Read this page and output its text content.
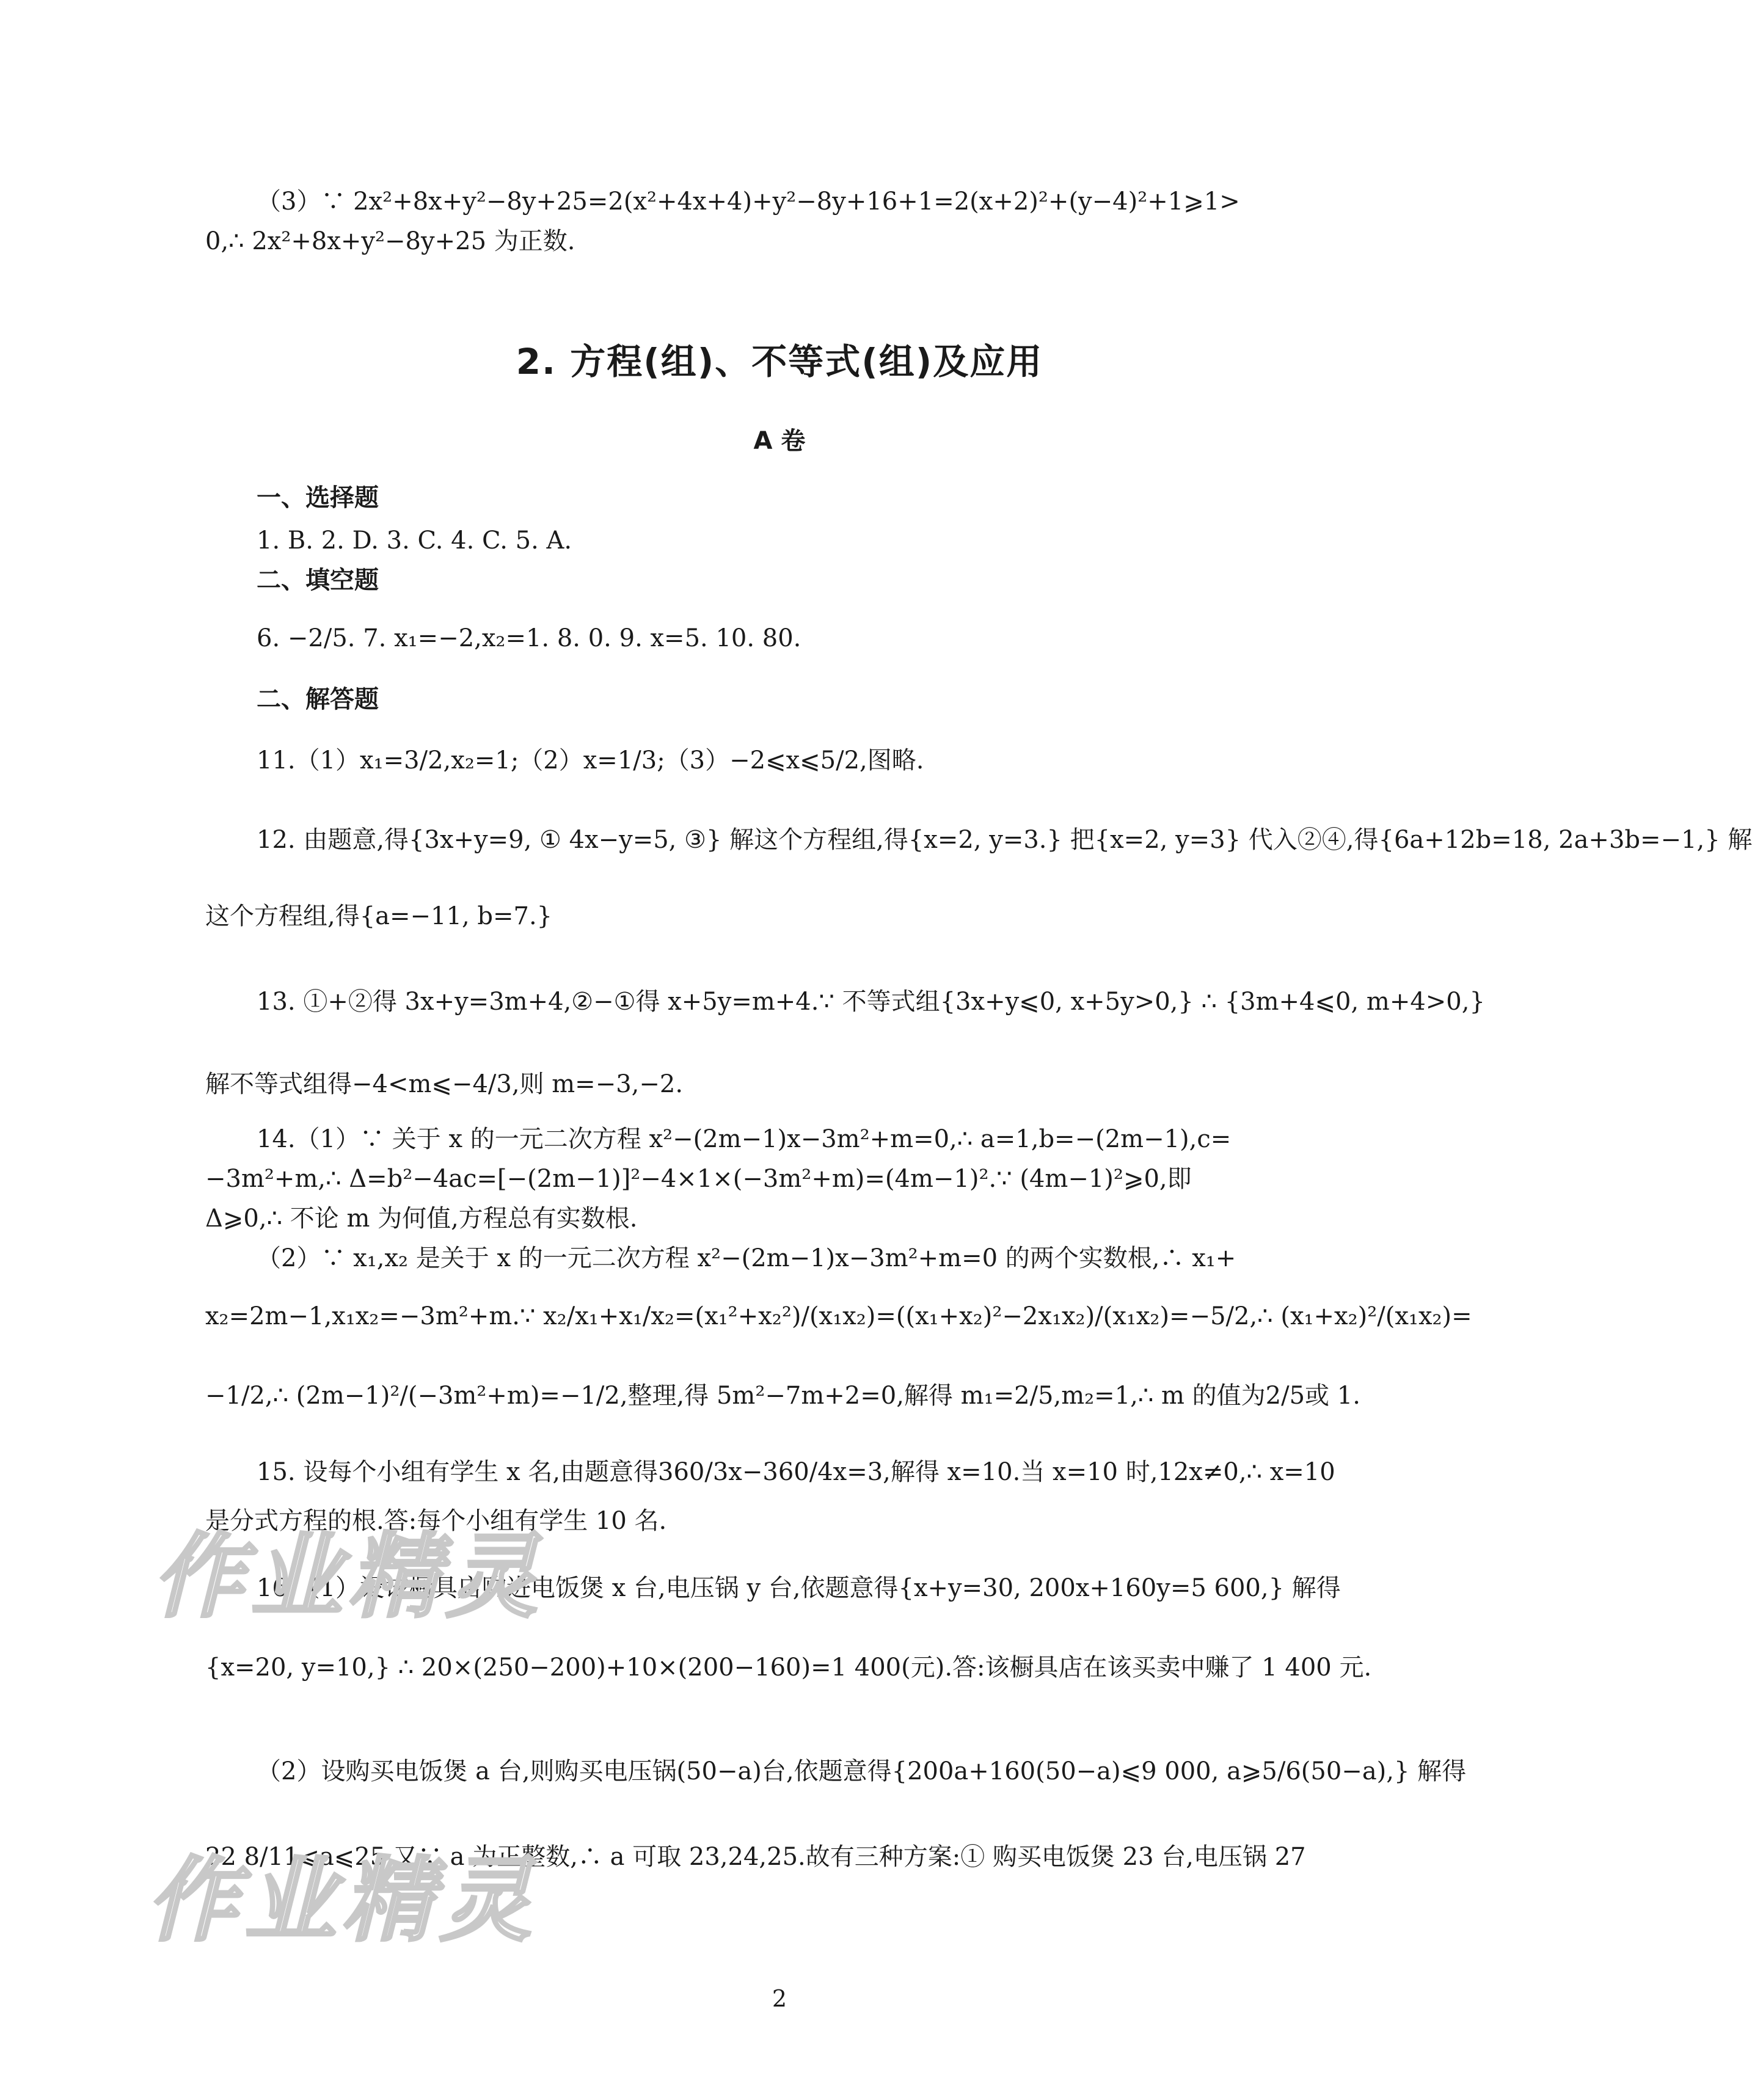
（3）∵ 2x²+8x+y²−8y+25=2(x²+4x+4)+y²−8y+16+1=2(x+2)²+(y−4)²+1⩾1>
0,∴ 2x²+8x+y²−8y+25 为正数.
2. 方程(组)、不等式(组)及应用
A 卷
一、选择题
1. B. 2. D. 3. C. 4. C. 5. A.
二、填空题
6. −2/5. 7. x₁=−2,x₂=1. 8. 0. 9. x=5. 10. 80.
二、解答题
11.（1）x₁=3/2,x₂=1;（2）x=1/3;（3）−2⩽x⩽5/2,图略.
12. 由题意,得{3x+y=9, ① 4x−y=5, ③} 解这个方程组,得{x=2, y=3.} 把{x=2, y=3} 代入②④,得{6a+12b=18, 2a+3b=−1,} 解
这个方程组,得{a=−11, b=7.}
13. ①+②得 3x+y=3m+4,②−①得 x+5y=m+4.∵ 不等式组{3x+y⩽0, x+5y>0,} ∴ {3m+4⩽0, m+4>0,}
解不等式组得−4<m⩽−4/3,则 m=−3,−2.
14.（1）∵ 关于 x 的一元二次方程 x²−(2m−1)x−3m²+m=0,∴ a=1,b=−(2m−1),c=
−3m²+m,∴ Δ=b²−4ac=[−(2m−1)]²−4×1×(−3m²+m)=(4m−1)².∵ (4m−1)²⩾0,即
Δ⩾0,∴ 不论 m 为何值,方程总有实数根.
（2）∵ x₁,x₂ 是关于 x 的一元二次方程 x²−(2m−1)x−3m²+m=0 的两个实数根,∴ x₁+
x₂=2m−1,x₁x₂=−3m²+m.∵ x₂/x₁+x₁/x₂=(x₁²+x₂²)/(x₁x₂)=((x₁+x₂)²−2x₁x₂)/(x₁x₂)=−5/2,∴ (x₁+x₂)²/(x₁x₂)=
−1/2,∴ (2m−1)²/(−3m²+m)=−1/2,整理,得 5m²−7m+2=0,解得 m₁=2/5,m₂=1,∴ m 的值为2/5或 1.
15. 设每个小组有学生 x 名,由题意得360/3x−360/4x=3,解得 x=10.当 x=10 时,12x≠0,∴ x=10
是分式方程的根.答:每个小组有学生 10 名.
16.（1）设该橱具店购进电饭煲 x 台,电压锅 y 台,依题意得{x+y=30, 200x+160y=5 600,} 解得
{x=20, y=10,} ∴ 20×(250−200)+10×(200−160)=1 400(元).答:该橱具店在该买卖中赚了 1 400 元.
（2）设购买电饭煲 a 台,则购买电压锅(50−a)台,依题意得{200a+160(50−a)⩽9 000, a⩾5/6(50−a),} 解得
22 8/11⩽a⩽25.又∵ a 为正整数,∴ a 可取 23,24,25.故有三种方案:① 购买电饭煲 23 台,电压锅 27
作业精灵
作业精灵
2
